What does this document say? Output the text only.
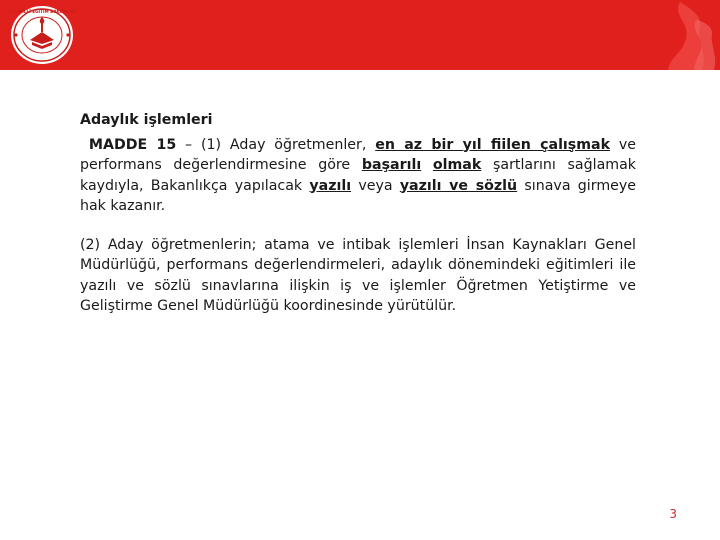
T.C. MİLLÎ EĞİTİM BAKANLIĞI

Adaylık işlemleri

MADDE 15 – (1) Aday öğretmenler, en az bir yıl fiilen çalışmak ve performans değerlendirmesine göre başarılı olmak şartlarını sağlamak kaydıyla, Bakanlıkça yapılacak yazılı veya yazılı ve sözlü sınava girmeye hak kazanır.

(2) Aday öğretmenlerin; atama ve intibak işlemleri İnsan Kaynakları Genel Müdürlüğü, performans değerlendirmeleri, adaylık dönemindeki eğitimleri ile yazılı ve sözlü sınavlarına ilişkin iş ve işlemler Öğretmen Yetiştirme ve Geliştirme Genel Müdürlüğü koordinesinde yürütülür.

3
